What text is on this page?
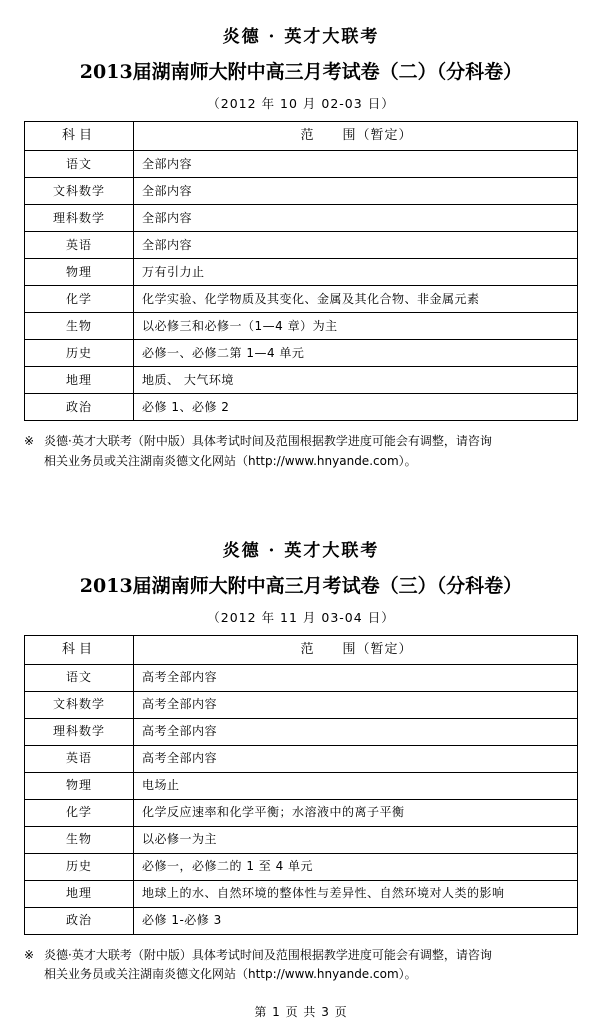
炎德 · 英才大联考
2013届湖南师大附中高三月考试卷（二）（分科卷）
（2012 年 10 月 02-03 日）
科目	范　　围（暂定）
语文	全部内容
文科数学	全部内容
理科数学	全部内容
英语	全部内容
物理	万有引力止
化学	化学实验、化学物质及其变化、金属及其化合物、非金属元素
生物	以必修三和必修一（1—4 章）为主
历史	必修一、必修二第 1—4 单元
地理	地质、 大气环境
政治	必修 1、必修 2
※ 炎德·英才大联考（附中版）具体考试时间及范围根据教学进度可能会有调整，请咨询
相关业务员或关注湖南炎德文化网站（http://www.hnyande.com）。
炎德 · 英才大联考
2013届湖南师大附中高三月考试卷（三）（分科卷）
（2012 年 11 月 03-04 日）
科目	范　　围（暂定）
语文	高考全部内容
文科数学	高考全部内容
理科数学	高考全部内容
英语	高考全部内容
物理	电场止
化学	化学反应速率和化学平衡；水溶液中的离子平衡
生物	以必修一为主
历史	必修一，必修二的 1 至 4 单元
地理	地球上的水、自然环境的整体性与差异性、自然环境对人类的影响
政治	必修 1-必修 3
※ 炎德·英才大联考（附中版）具体考试时间及范围根据教学进度可能会有调整，请咨询
相关业务员或关注湖南炎德文化网站（http://www.hnyande.com）。
第 1 页 共 3 页
